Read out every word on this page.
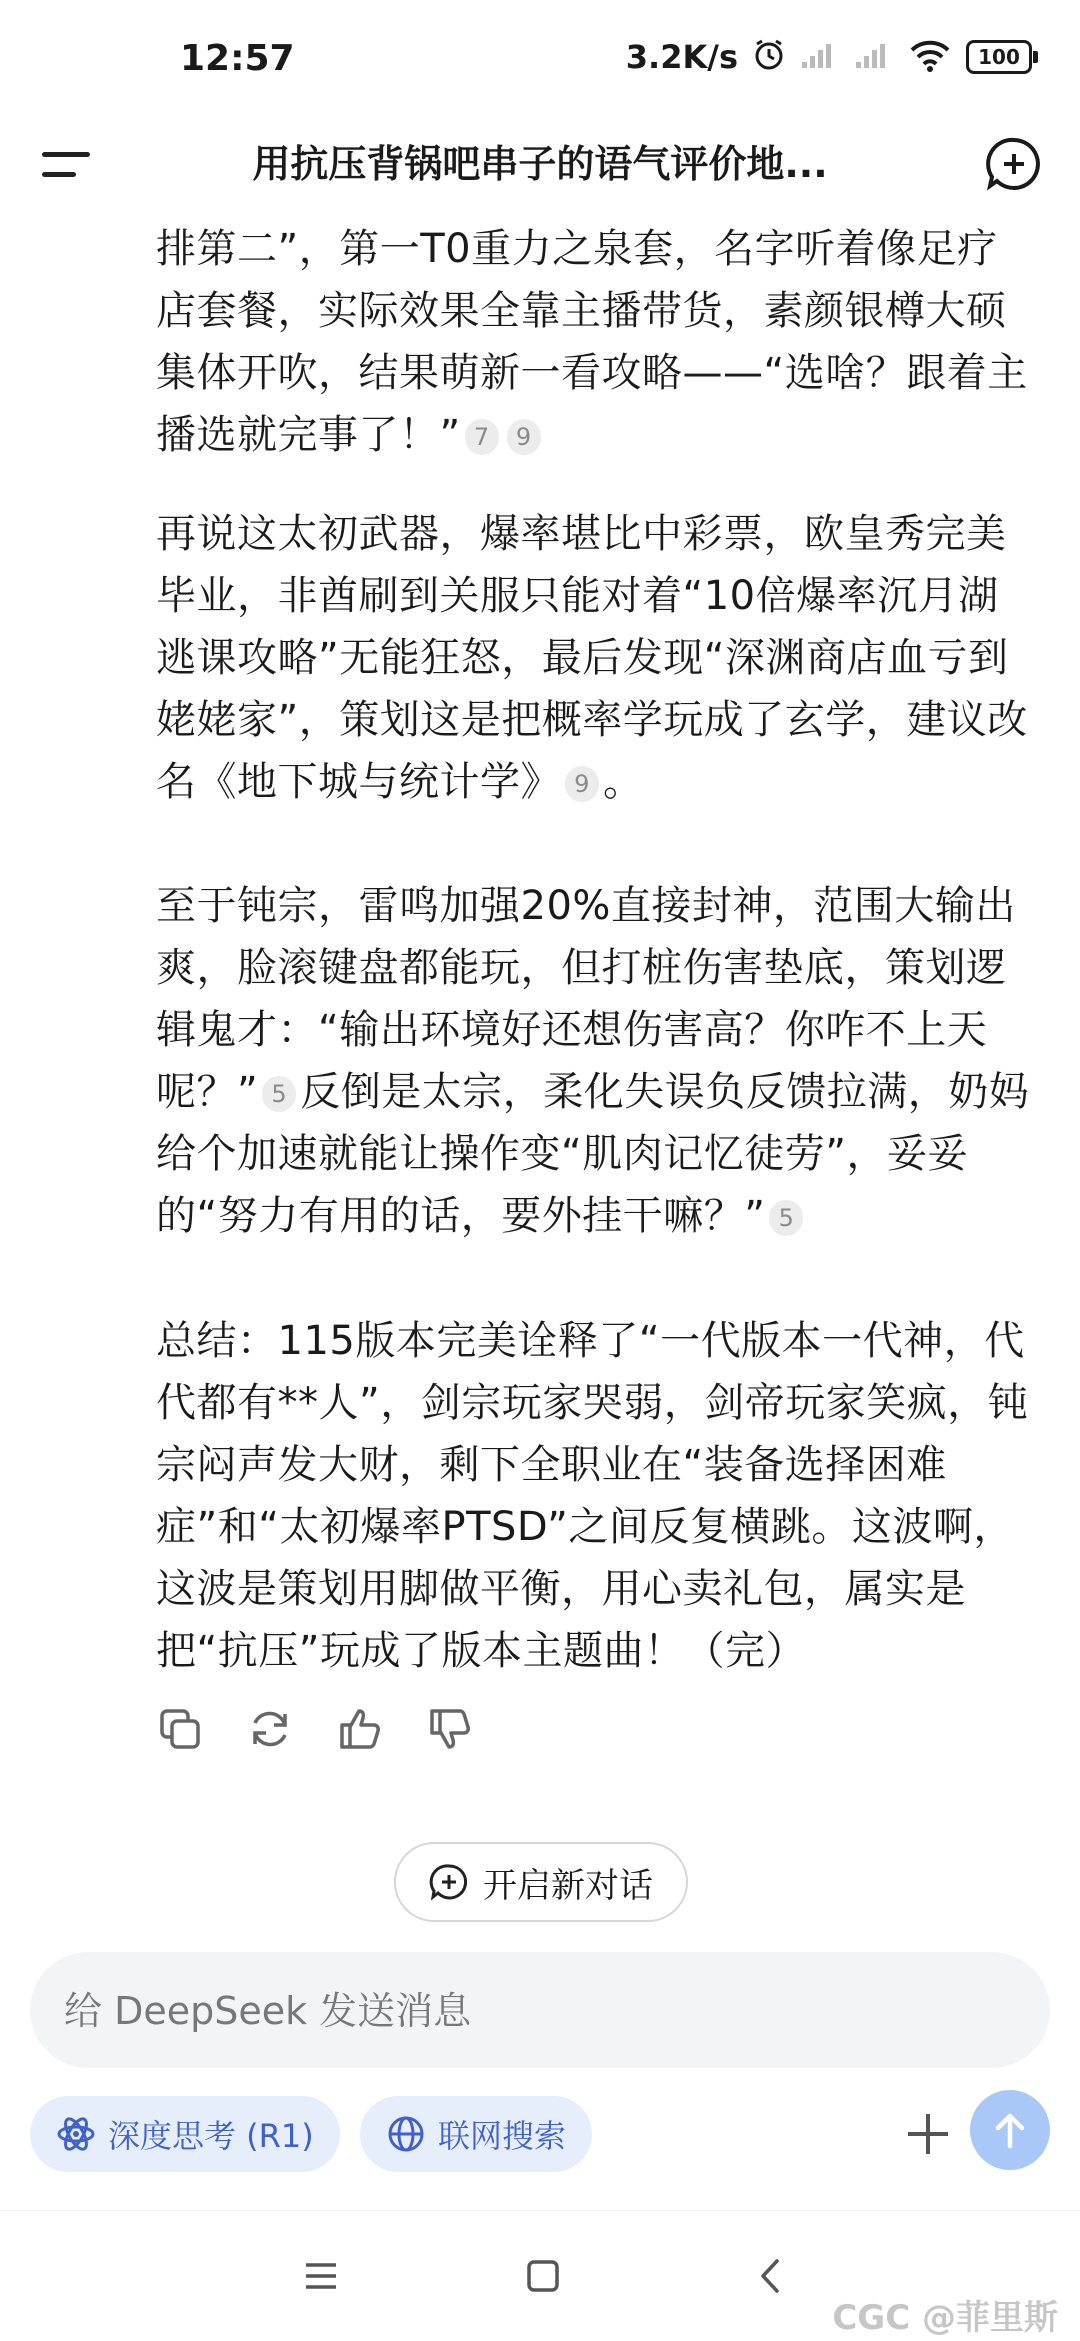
12:57	3.2K/s	100
用抗压背锅吧串子的语气评价地...
排第二”，第一T0重力之泉套，名字听着像足疗店套餐，实际效果全靠主播带货，素颜银樽大硕集体开吹，结果萌新一看攻略——“选啥？跟着主播选就完事了！” 7 9
再说这太初武器，爆率堪比中彩票，欧皇秀完美毕业，非酋刷到关服只能对着“10倍爆率沉月湖逃课攻略”无能狂怒，最后发现“深渊商店血亏到姥姥家”，策划这是把概率学玩成了玄学，建议改名《地下城与统计学》 9 。
至于钝宗，雷鸣加强20%直接封神，范围大输出爽，脸滚键盘都能玩，但打桩伤害垫底，策划逻辑鬼才：“输出环境好还想伤害高？你咋不上天呢？” 5 反倒是太宗，柔化失误负反馈拉满，奶妈给个加速就能让操作变“肌肉记忆徒劳”，妥妥的“努力有用的话，要外挂干嘛？” 5
总结：115版本完美诠释了“一代版本一代神，代代都有**人”，剑宗玩家哭弱，剑帝玩家笑疯，钝宗闷声发大财，剩下全职业在“装备选择困难症”和“太初爆率PTSD”之间反复横跳。这波啊，这波是策划用脚做平衡，用心卖礼包，属实是把“抗压”玩成了版本主题曲！（完）
开启新对话
给 DeepSeek 发送消息
深度思考 (R1)	联网搜索
CGC @菲里斯
